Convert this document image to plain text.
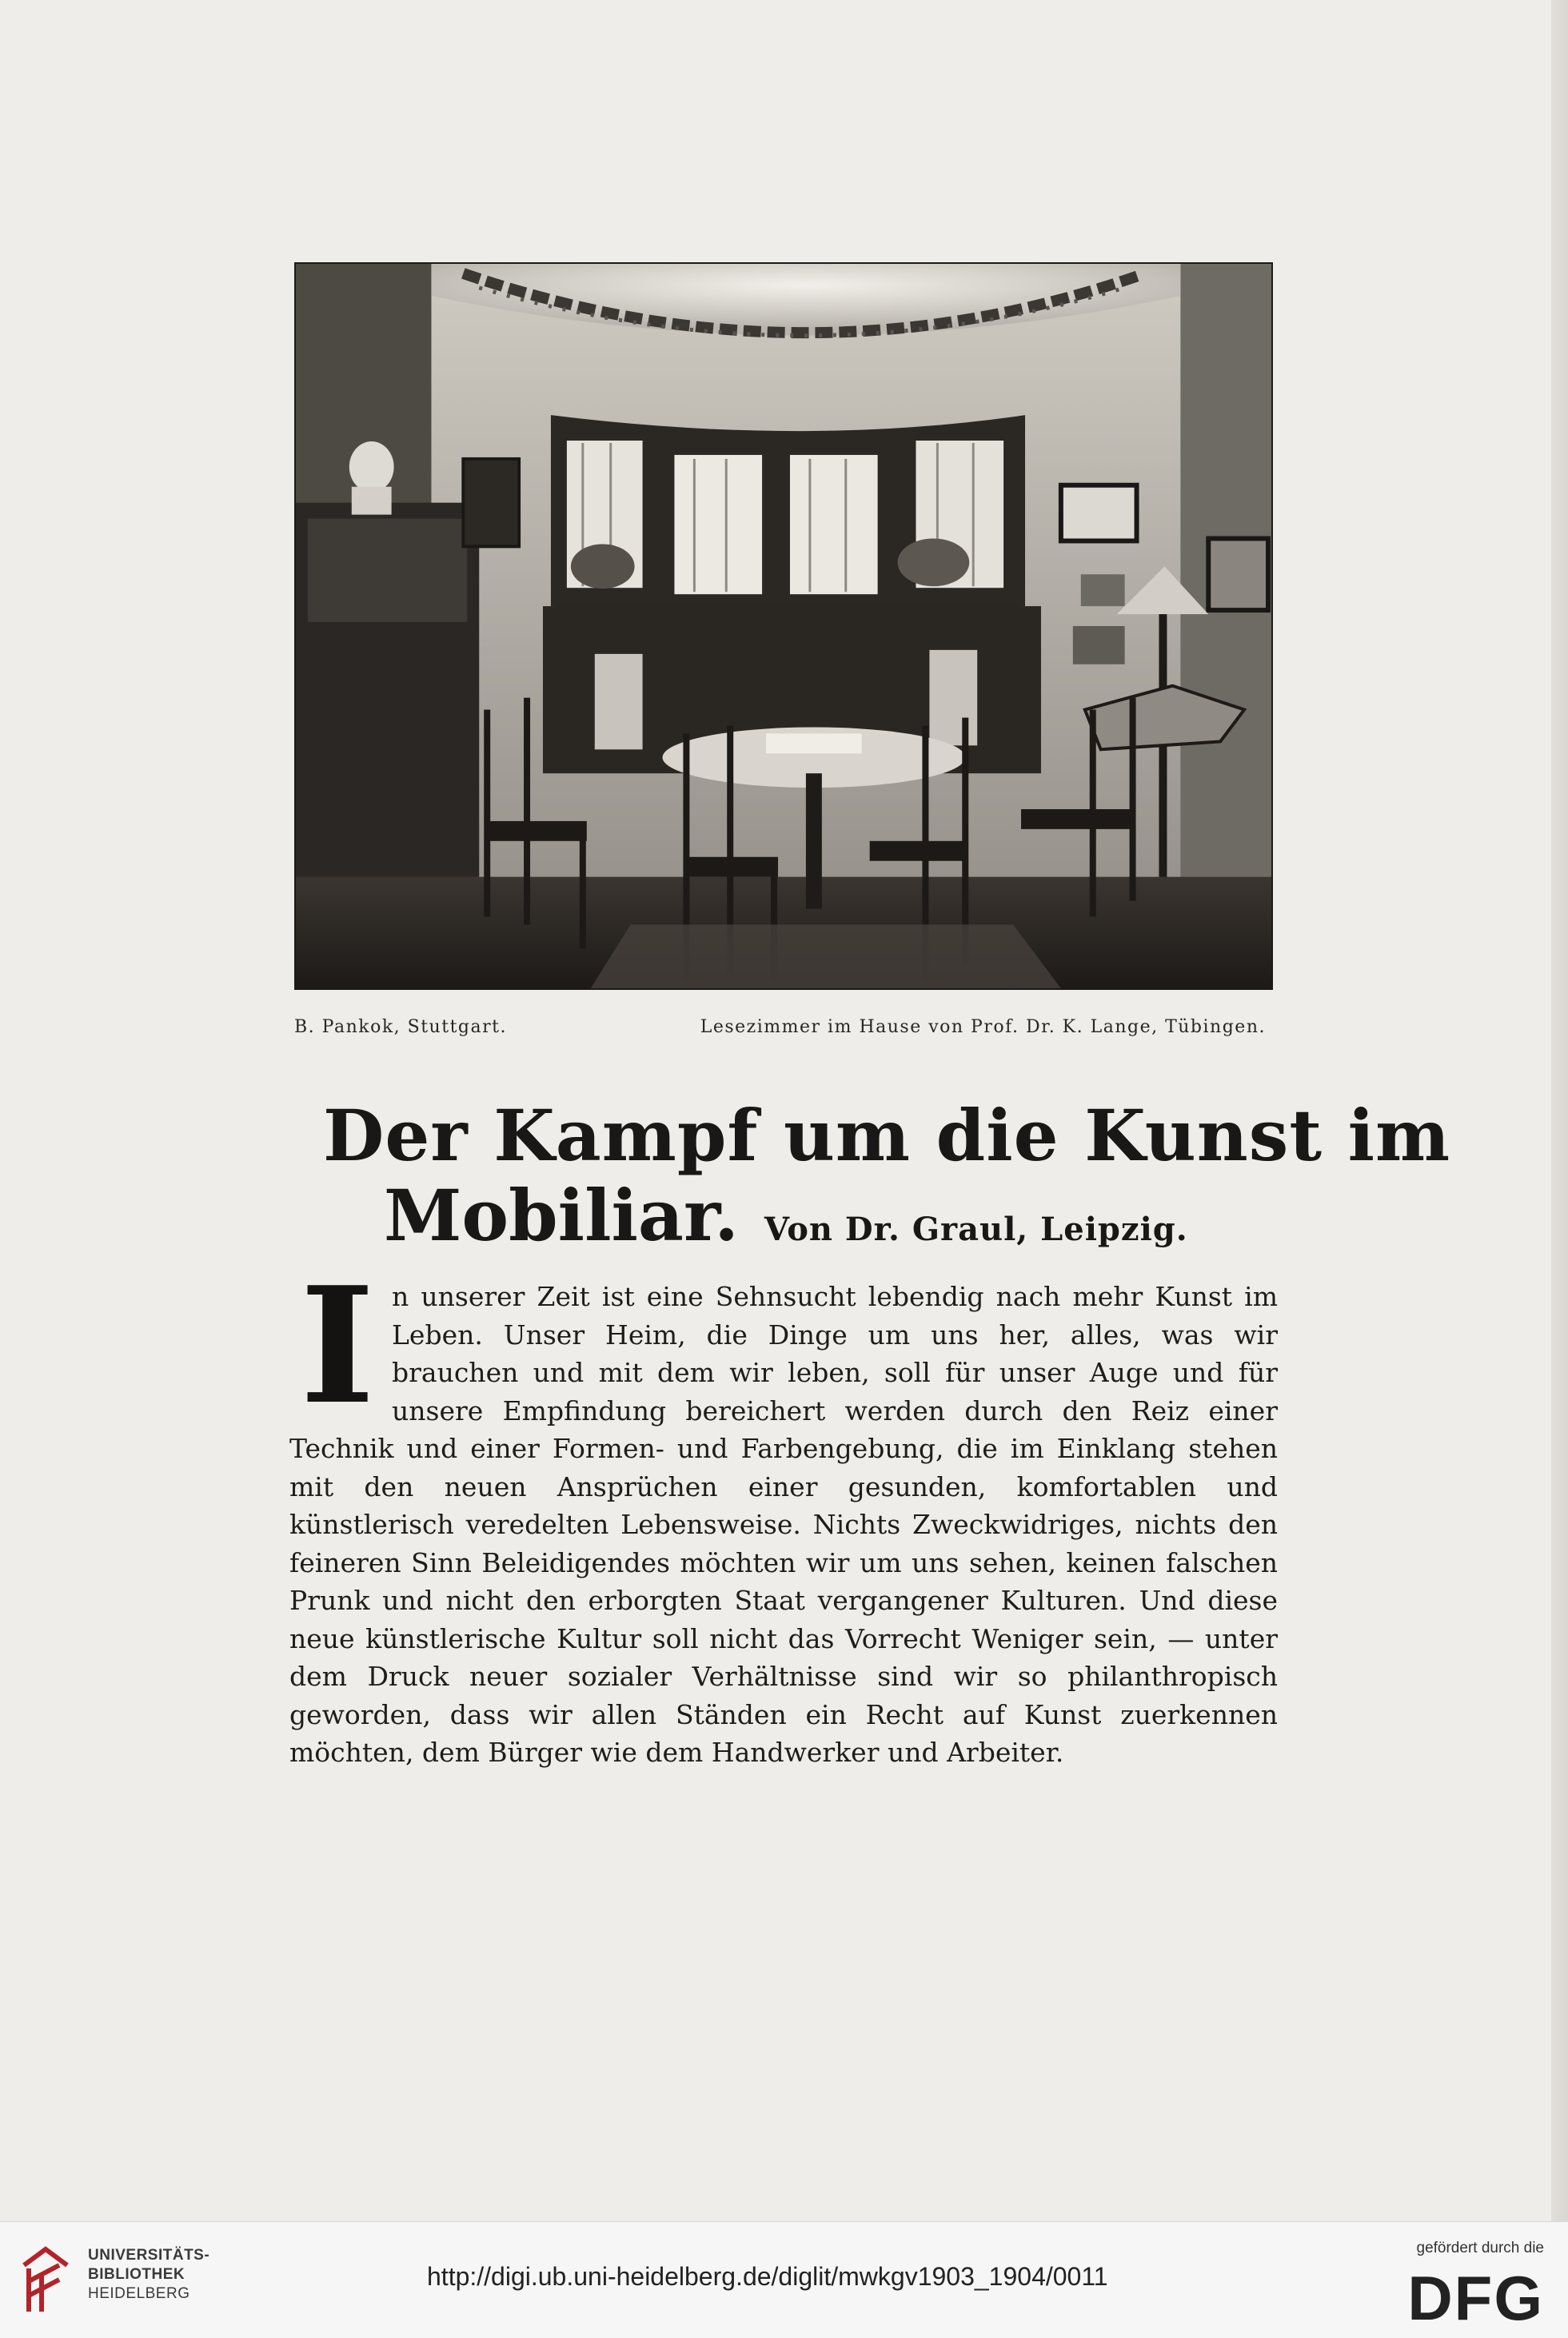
B. Pankok, Stuttgart.	Lesezimmer im Hause von Prof. Dr. K. Lange, Tübingen.
Der Kampf um die Kunst im
Mobiliar. Von Dr. Graul, Leipzig.
I n unserer Zeit ist eine Sehnsucht lebendig nach mehr Kunst im Leben. Unser Heim, die Dinge um uns her, alles, was wir brauchen und mit dem wir leben, soll für unser Auge und für unsere Empfindung bereichert werden durch den Reiz einer Technik und einer Formen- und Farbengebung, die im Einklang stehen mit den neuen Ansprüchen einer gesunden, komfortablen und künstlerisch veredelten Lebensweise. Nichts Zweckwidriges, nichts den feineren Sinn Beleidigendes möchten wir um uns sehen, keinen falschen Prunk und nicht den erborgten Staat vergangener Kulturen. Und diese neue künstlerische Kultur soll nicht das Vorrecht Weniger sein, — unter dem Druck neuer sozialer Verhältnisse sind wir so philanthropisch geworden, dass wir allen Ständen ein Recht auf Kunst zuerkennen möchten, dem Bürger wie dem Handwerker und Arbeiter.

UNIVERSITÄTS-
BIBLIOTHEK
HEIDELBERG
http://digi.ub.uni-heidelberg.de/diglit/mwkgv1903_1904/0011
gefördert durch die
DFG
